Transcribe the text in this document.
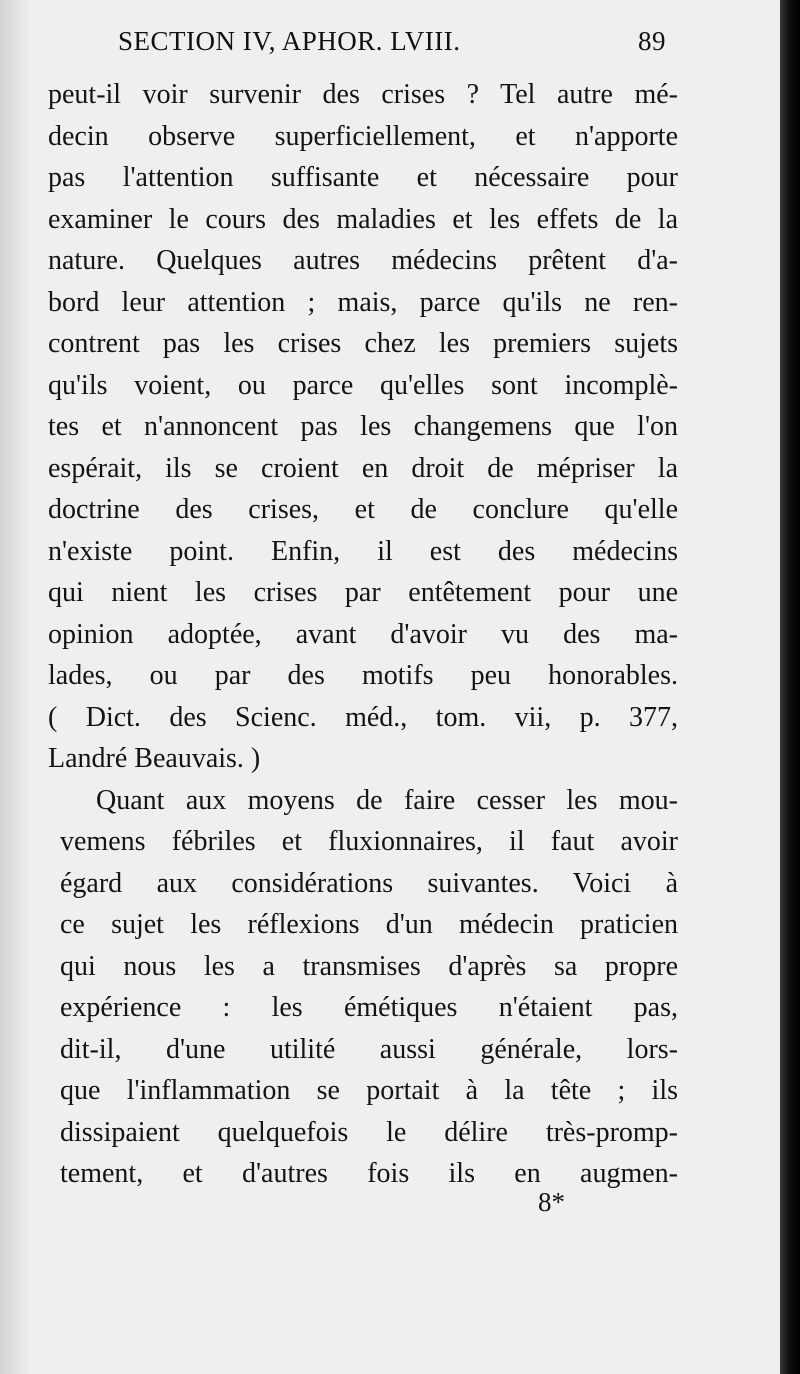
SECTION IV, APHOR. LVIII.	89
peut-il voir survenir des crises ? Tel autre mé-
decin observe superficiellement, et n'apporte
pas l'attention suffisante et nécessaire pour
examiner le cours des maladies et les effets de la
nature. Quelques autres médecins prêtent d'a-
bord leur attention ; mais, parce qu'ils ne ren-
contrent pas les crises chez les premiers sujets
qu'ils voient, ou parce qu'elles sont incomplè-
tes et n'annoncent pas les changemens que l'on
espérait, ils se croient en droit de mépriser la
doctrine des crises, et de conclure qu'elle
n'existe point. Enfin, il est des médecins
qui nient les crises par entêtement pour une
opinion adoptée, avant d'avoir vu des ma-
lades, ou par des motifs peu honorables.
( Dict. des Scienc. méd., tom. vii, p. 377,
Landré Beauvais. )
Quant aux moyens de faire cesser les mou-
vemens fébriles et fluxionnaires, il faut avoir
égard aux considérations suivantes. Voici à
ce sujet les réflexions d'un médecin praticien
qui nous les a transmises d'après sa propre
expérience : les émétiques n'étaient pas,
dit-il, d'une utilité aussi générale, lors-
que l'inflammation se portait à la tête ; ils
dissipaient quelquefois le délire très-promp-
tement, et d'autres fois ils en augmen-
8*
